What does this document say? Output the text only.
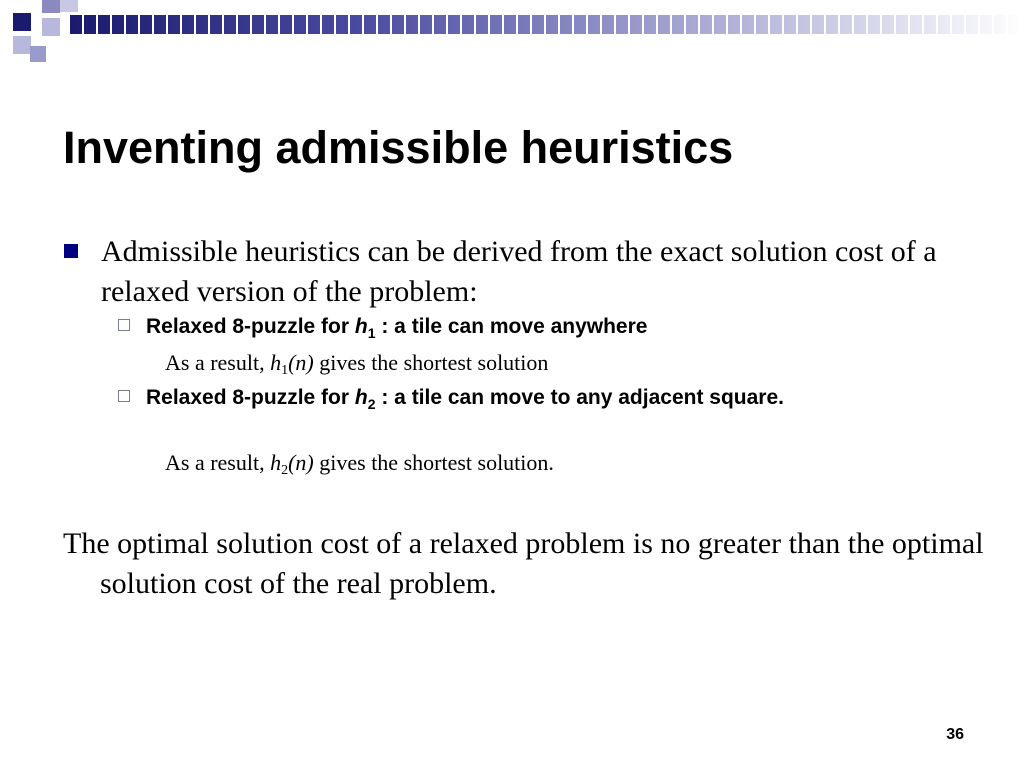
Inventing admissible heuristics
Admissible heuristics can be derived from the exact solution cost of a relaxed version of the problem:
Relaxed 8-puzzle for $h_1$ : a tile can move anywhere
As a result, $h_1(n)$ gives the shortest solution
Relaxed 8-puzzle for $h_2$ : a tile can move to any adjacent square.
As a result, $h_2(n)$ gives the shortest solution.
The optimal solution cost of a relaxed problem is no greater than the optimal solution cost of the real problem.
36
